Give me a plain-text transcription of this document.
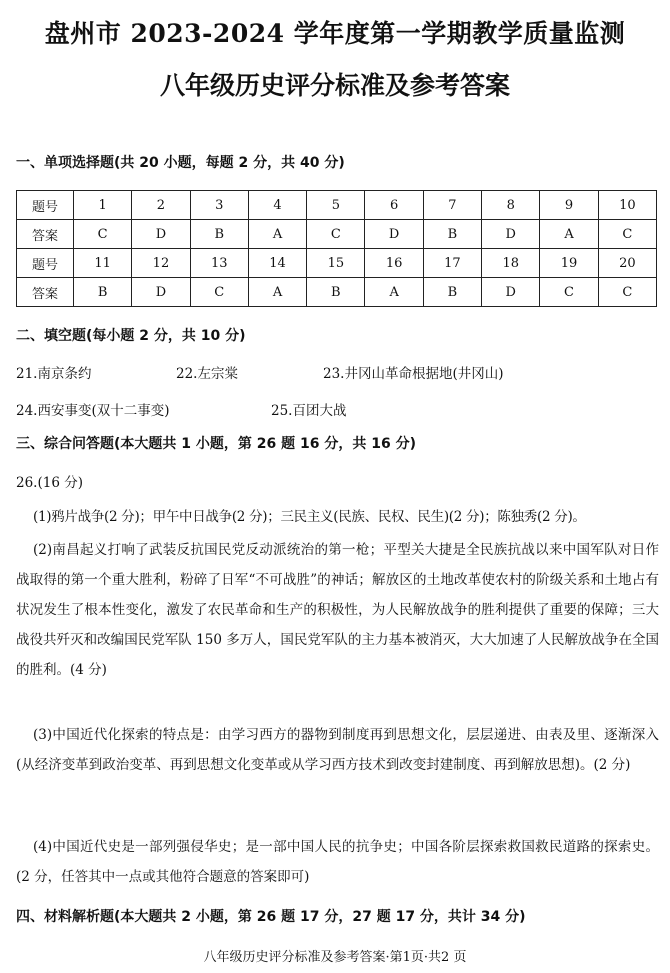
盘州市 2023-2024 学年度第一学期教学质量监测
八年级历史评分标准及参考答案
一、单项选择题(共 20 小题，每题 2 分，共 40 分)
题号	1	2	3	4	5	6	7	8	9	10
答案	C	D	B	A	C	D	B	D	A	C
题号	11	12	13	14	15	16	17	18	19	20
答案	B	D	C	A	B	A	B	D	C	C
二、填空题(每小题 2 分，共 10 分)
21.南京条约	22.左宗棠	23.井冈山革命根据地(井冈山)
24.西安事变(双十二事变)	25.百团大战
三、综合问答题(本大题共 1 小题，第 26 题 16 分，共 16 分)
26.(16 分)
(1)鸦片战争(2 分)；甲午中日战争(2 分)；三民主义(民族、民权、民生)(2 分)；陈独秀(2 分)。
(2)南昌起义打响了武装反抗国民党反动派统治的第一枪；平型关大捷是全民族抗战以来中国军队对日作战取得的第一个重大胜利，粉碎了日军“不可战胜”的神话；解放区的土地改革使农村的阶级关系和土地占有状况发生了根本性变化，激发了农民革命和生产的积极性，为人民解放战争的胜利提供了重要的保障；三大战役共歼灭和改编国民党军队 150 多万人，国民党军队的主力基本被消灭，大大加速了人民解放战争在全国的胜利。(4 分)
(3)中国近代化探索的特点是：由学习西方的器物到制度再到思想文化，层层递进、由表及里、逐渐深入(从经济变革到政治变革、再到思想文化变革或从学习西方技术到改变封建制度、再到解放思想)。(2 分)
(4)中国近代史是一部列强侵华史；是一部中国人民的抗争史；中国各阶层探索救国救民道路的探索史。(2 分，任答其中一点或其他符合题意的答案即可)
四、材料解析题(本大题共 2 小题，第 26 题 17 分，27 题 17 分，共计 34 分)
八年级历史评分标准及参考答案·第1页·共2 页
